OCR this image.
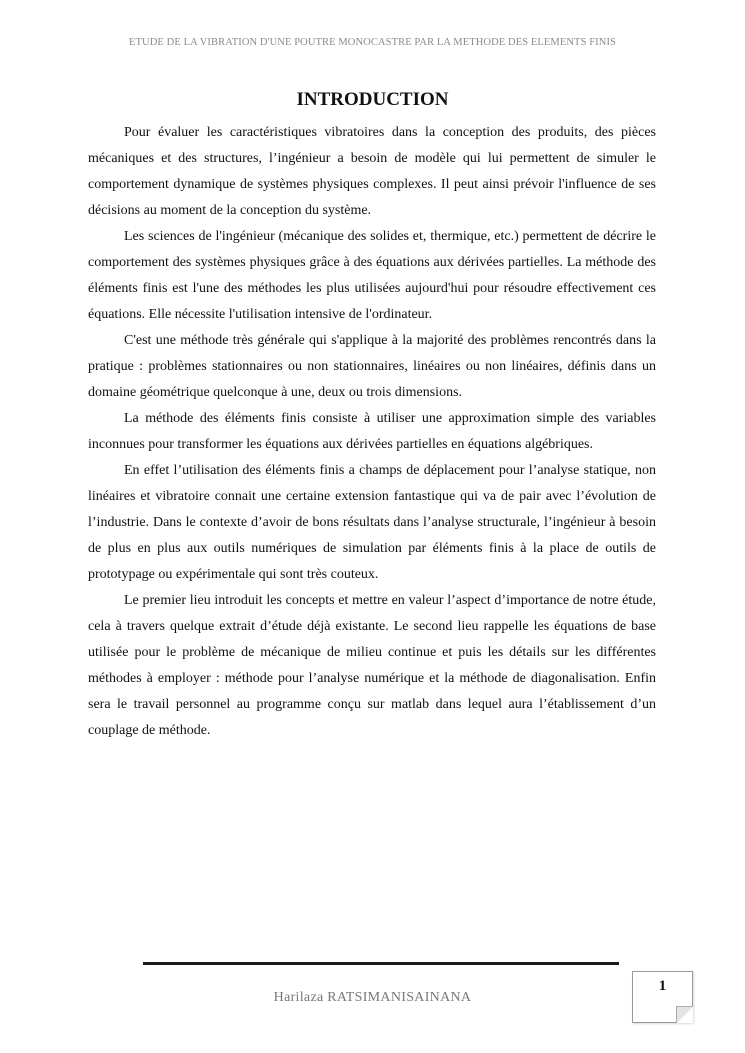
ETUDE DE LA VIBRATION D'UNE POUTRE MONOCASTRE PAR LA METHODE DES ELEMENTS FINIS
INTRODUCTION

Pour évaluer les caractéristiques vibratoires dans la conception des produits, des pièces mécaniques et des structures, l’ingénieur a besoin de modèle qui lui permettent de simuler le comportement dynamique de systèmes physiques complexes. Il peut ainsi prévoir l'influence de ses décisions au moment de la conception du système.

Les sciences de l'ingénieur (mécanique des solides et, thermique, etc.) permettent de décrire le comportement des systèmes physiques grâce à des équations aux dérivées partielles. La méthode des éléments finis est l'une des méthodes les plus utilisées aujourd'hui pour résoudre effectivement ces équations. Elle nécessite l'utilisation intensive de l'ordinateur.

C'est une méthode très générale qui s'applique à la majorité des problèmes rencontrés dans la pratique : problèmes stationnaires ou non stationnaires, linéaires ou non linéaires, définis dans un domaine géométrique quelconque à une, deux ou trois dimensions.

La méthode des éléments finis consiste à utiliser une approximation simple des variables inconnues pour transformer les équations aux dérivées partielles en équations algébriques.

En effet l’utilisation des éléments finis a champs de déplacement pour l’analyse statique, non linéaires et vibratoire connait une certaine extension fantastique qui va de pair avec l’évolution de l’industrie. Dans le contexte d’avoir de bons résultats dans l’analyse structurale, l’ingénieur à besoin de plus en plus aux outils numériques de simulation par éléments finis à la place de outils de prototypage ou expérimentale qui sont très couteux.

Le premier lieu introduit les concepts et mettre en valeur l’aspect d’importance de notre étude, cela à travers quelque extrait d’étude déjà existante. Le second lieu rappelle les équations de base utilisée pour le problème de mécanique de milieu continue et puis les détails sur les différentes méthodes à employer : méthode pour l’analyse numérique et la méthode de diagonalisation. Enfin sera le travail personnel au programme conçu sur matlab dans lequel aura l’établissement d’un couplage de méthode.

Harilaza RATSIMANISAINANA
1
